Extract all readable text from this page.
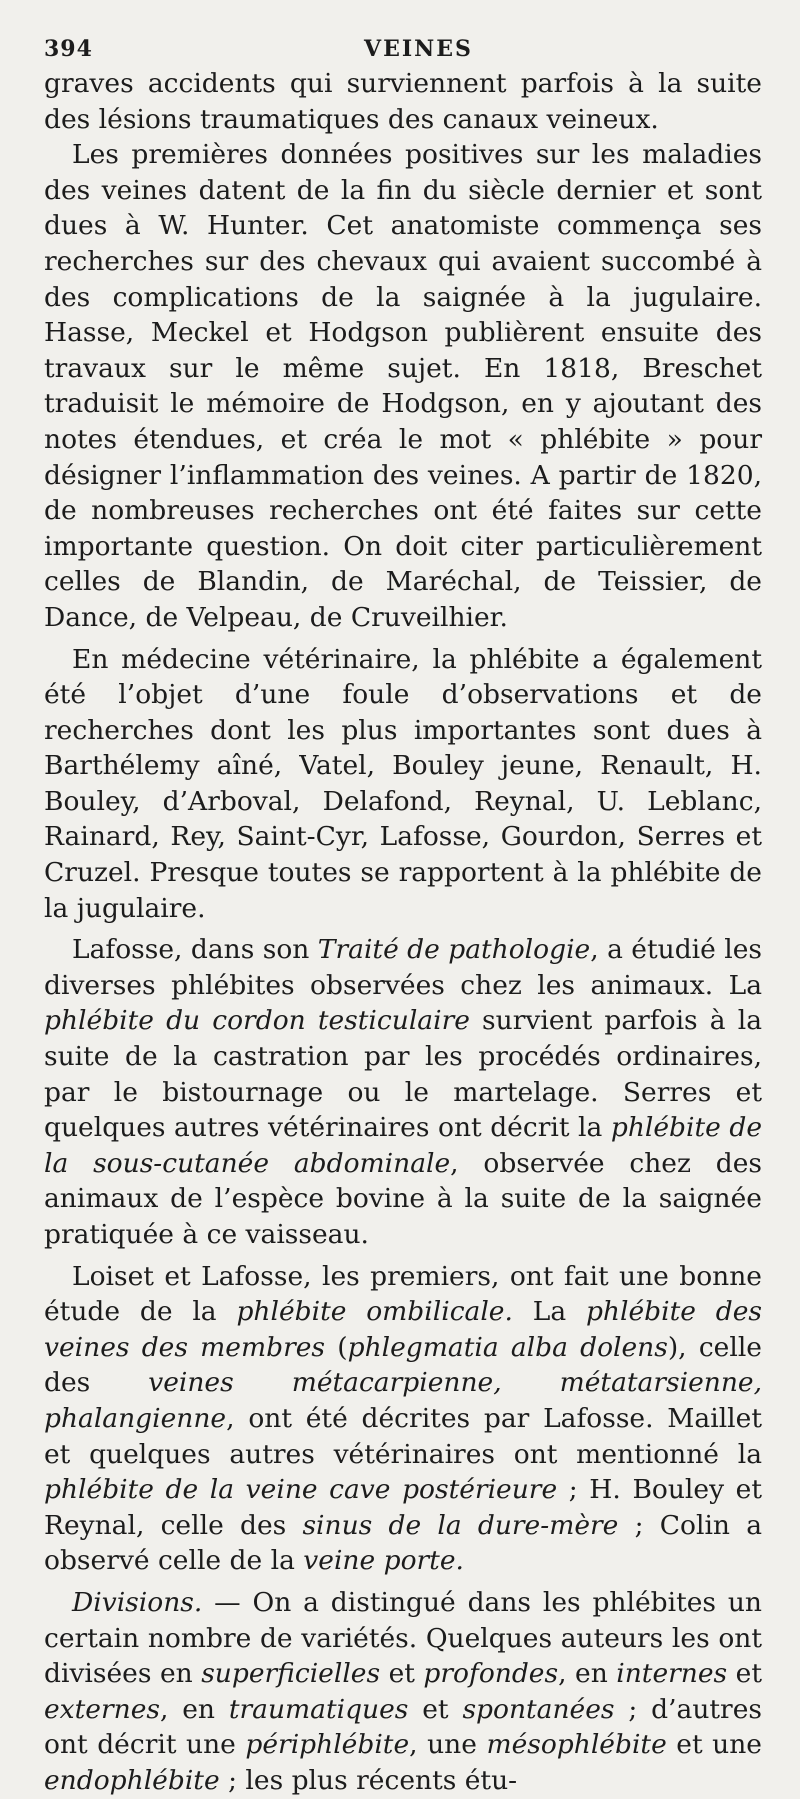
394	VEINES

graves accidents qui surviennent parfois à la suite des lésions traumatiques des canaux veineux.

Les premières données positives sur les maladies des veines datent de la fin du siècle dernier et sont dues à W. Hunter. Cet anatomiste commença ses recherches sur des chevaux qui avaient succombé à des complications de la saignée à la jugulaire. Hasse, Meckel et Hodgson publièrent ensuite des travaux sur le même sujet. En 1818, Breschet traduisit le mémoire de Hodgson, en y ajoutant des notes étendues, et créa le mot « phlébite » pour désigner l’inflammation des veines. A partir de 1820, de nombreuses recherches ont été faites sur cette importante question. On doit citer particulièrement celles de Blandin, de Maréchal, de Teissier, de Dance, de Velpeau, de Cruveilhier.

En médecine vétérinaire, la phlébite a également été l’objet d’une foule d’observations et de recherches dont les plus importantes sont dues à Barthélemy aîné, Vatel, Bouley jeune, Renault, H. Bouley, d’Arboval, Delafond, Reynal, U. Leblanc, Rainard, Rey, Saint-Cyr, Lafosse, Gourdon, Serres et Cruzel. Presque toutes se rapportent à la phlébite de la jugulaire.

Lafosse, dans son Traité de pathologie, a étudié les diverses phlébites observées chez les animaux. La phlébite du cordon testiculaire survient parfois à la suite de la castration par les procédés ordinaires, par le bistournage ou le martelage. Serres et quelques autres vétérinaires ont décrit la phlébite de la sous-cutanée abdominale, observée chez des animaux de l’espèce bovine à la suite de la saignée pratiquée à ce vaisseau.

Loiset et Lafosse, les premiers, ont fait une bonne étude de la phlébite ombilicale. La phlébite des veines des membres (phlegmatia alba dolens), celle des veines métacarpienne, métatarsienne, phalangienne, ont été décrites par Lafosse. Maillet et quelques autres vétérinaires ont mentionné la phlébite de la veine cave postérieure ; H. Bouley et Reynal, celle des sinus de la dure-mère ; Colin a observé celle de la veine porte.

Divisions. — On a distingué dans les phlébites un certain nombre de variétés. Quelques auteurs les ont divisées en superficielles et profondes, en internes et externes, en traumatiques et spontanées ; d’autres ont décrit une périphlébite, une mésophlébite et une endophlébite ; les plus récents étu-
